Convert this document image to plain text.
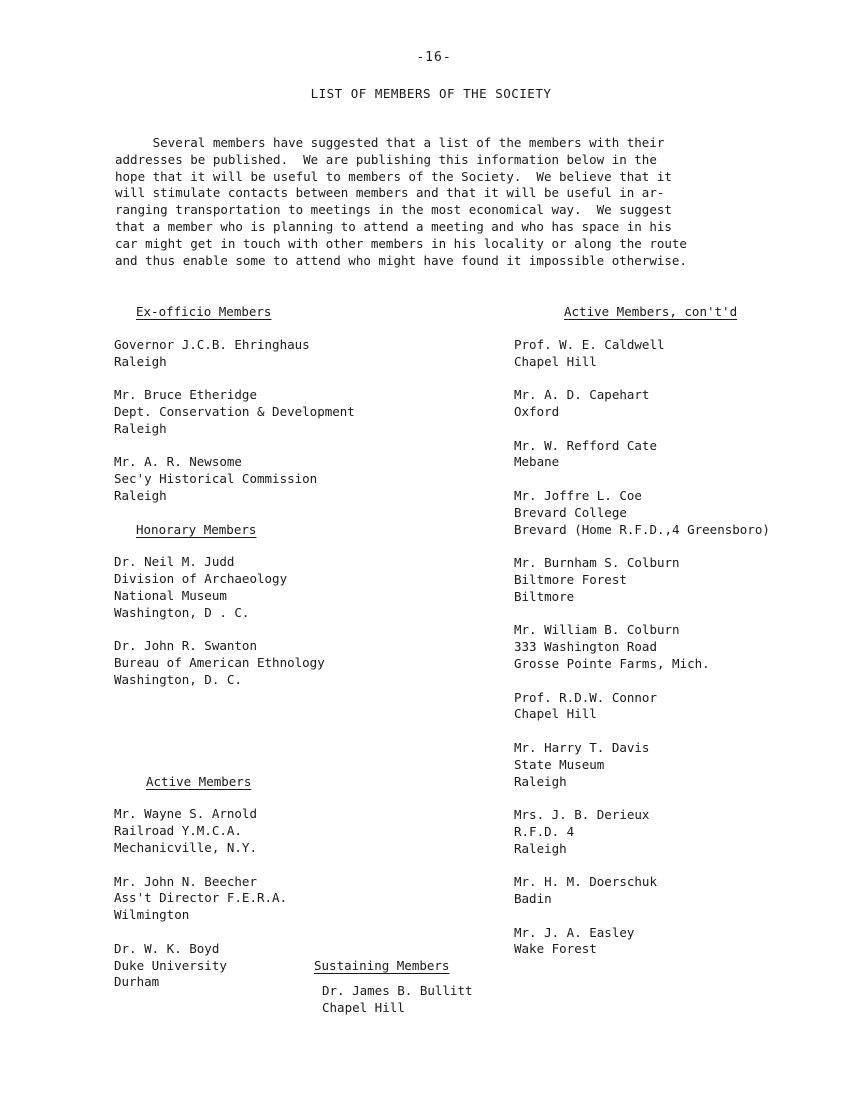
-16-
LIST OF MEMBERS OF THE SOCIETY
Several members have suggested that a list of the members with their
addresses be published.  We are publishing this information below in the
hope that it will be useful to members of the Society.  We believe that it
will stimulate contacts between members and that it will be useful in ar-
ranging transportation to meetings in the most economical way.  We suggest
that a member who is planning to attend a meeting and who has space in his
car might get in touch with other members in his locality or along the route
and thus enable some to attend who might have found it impossible otherwise.
Ex-officio Members
Governor J.C.B. Ehringhaus
Raleigh
Mr. Bruce Etheridge
Dept. Conservation & Development
Raleigh
Mr. A. R. Newsome
Sec'y Historical Commission
Raleigh
Honorary Members
Dr. Neil M. Judd
Division of Archaeology
National Museum
Washington, D . C.
Dr. John R. Swanton
Bureau of American Ethnology
Washington, D. C.
Active Members
Mr. Wayne S. Arnold
Railroad Y.M.C.A.
Mechanicville, N.Y.
Mr. John N. Beecher
Ass't Director F.E.R.A.
Wilmington
Dr. W. K. Boyd
Duke University
Durham
Active Members, con't'd
Prof. W. E. Caldwell
Chapel Hill
Mr. A. D. Capehart
Oxford
Mr. W. Refford Cate
Mebane
Mr. Joffre L. Coe
Brevard College
Brevard (Home R.F.D.,4 Greensboro)
Mr. Burnham S. Colburn
Biltmore Forest
Biltmore
Mr. William B. Colburn
333 Washington Road
Grosse Pointe Farms, Mich.
Prof. R.D.W. Connor
Chapel Hill
Mr. Harry T. Davis
State Museum
Raleigh
Mrs. J. B. Derieux
R.F.D. 4
Raleigh
Mr. H. M. Doerschuk
Badin
Mr. J. A. Easley
Wake Forest
Sustaining Members
Dr. James B. Bullitt
Chapel Hill
